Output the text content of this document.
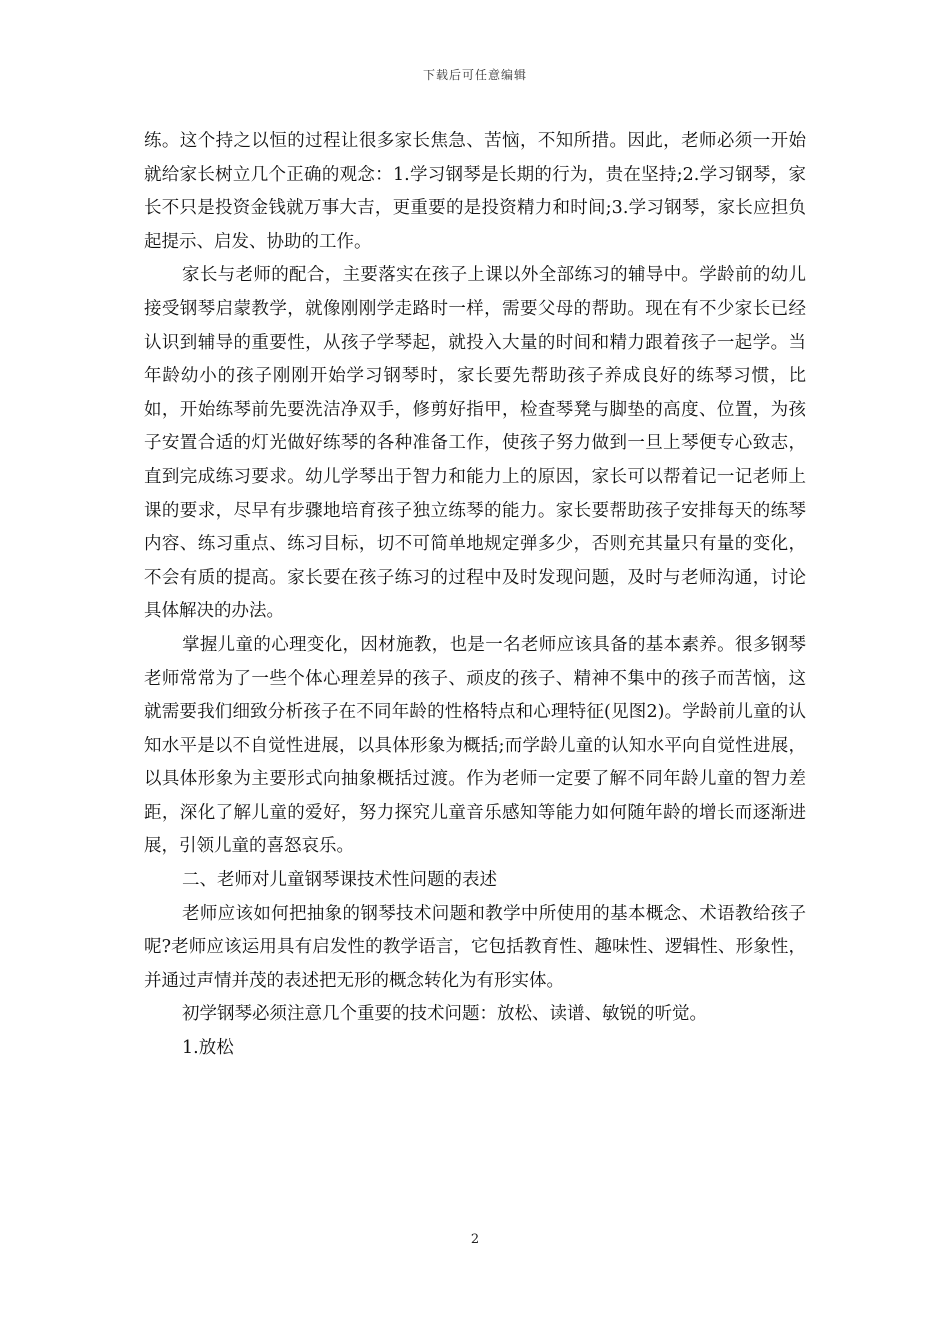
下载后可任意编辑

练。这个持之以恒的过程让很多家长焦急、苦恼，不知所措。因此，老师必须一开始就给家长树立几个正确的观念：1.学习钢琴是长期的行为，贵在坚持;2.学习钢琴，家长不只是投资金钱就万事大吉，更重要的是投资精力和时间;3.学习钢琴，家长应担负起提示、启发、协助的工作。

家长与老师的配合，主要落实在孩子上课以外全部练习的辅导中。学龄前的幼儿接受钢琴启蒙教学，就像刚刚学走路时一样，需要父母的帮助。现在有不少家长已经认识到辅导的重要性，从孩子学琴起，就投入大量的时间和精力跟着孩子一起学。当年龄幼小的孩子刚刚开始学习钢琴时，家长要先帮助孩子养成良好的练琴习惯，比如，开始练琴前先要洗洁净双手，修剪好指甲，检查琴凳与脚垫的高度、位置，为孩子安置合适的灯光做好练琴的各种准备工作，使孩子努力做到一旦上琴便专心致志，直到完成练习要求。幼儿学琴出于智力和能力上的原因，家长可以帮着记一记老师上课的要求，尽早有步骤地培育孩子独立练琴的能力。家长要帮助孩子安排每天的练琴内容、练习重点、练习目标，切不可简单地规定弹多少，否则充其量只有量的变化，不会有质的提高。家长要在孩子练习的过程中及时发现问题，及时与老师沟通，讨论具体解决的办法。

掌握儿童的心理变化，因材施教，也是一名老师应该具备的基本素养。很多钢琴老师常常为了一些个体心理差异的孩子、顽皮的孩子、精神不集中的孩子而苦恼，这就需要我们细致分析孩子在不同年龄的性格特点和心理特征(见图2)。学龄前儿童的认知水平是以不自觉性进展，以具体形象为概括;而学龄儿童的认知水平向自觉性进展，以具体形象为主要形式向抽象概括过渡。作为老师一定要了解不同年龄儿童的智力差距，深化了解儿童的爱好，努力探究儿童音乐感知等能力如何随年龄的增长而逐渐进展，引领儿童的喜怒哀乐。

二、老师对儿童钢琴课技术性问题的表述

老师应该如何把抽象的钢琴技术问题和教学中所使用的基本概念、术语教给孩子呢?老师应该运用具有启发性的教学语言，它包括教育性、趣味性、逻辑性、形象性，并通过声情并茂的表述把无形的概念转化为有形实体。

初学钢琴必须注意几个重要的技术问题：放松、读谱、敏锐的听觉。

1.放松

2
